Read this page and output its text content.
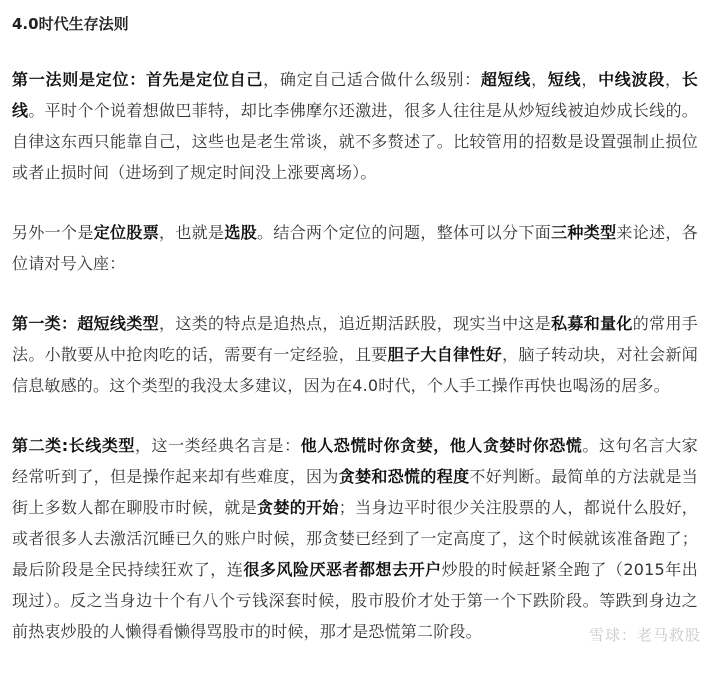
4.0时代生存法则

第一法则是定位：首先是定位自己，确定自己适合做什么级别：超短线，短线，中线波段，长线。平时个个说着想做巴菲特，却比李佛摩尔还激进，很多人往往是从炒短线被迫炒成长线的。自律这东西只能靠自己，这些也是老生常谈，就不多赘述了。比较管用的招数是设置强制止损位或者止损时间（进场到了规定时间没上涨要离场）。

另外一个是定位股票，也就是选股。结合两个定位的问题，整体可以分下面三种类型来论述，各位请对号入座：

第一类：超短线类型，这类的特点是追热点，追近期活跃股，现实当中这是私募和量化的常用手法。小散要从中抢肉吃的话，需要有一定经验，且要胆子大自律性好，脑子转动块，对社会新闻信息敏感的。这个类型的我没太多建议，因为在4.0时代，个人手工操作再快也喝汤的居多。

第二类:长线类型，这一类经典名言是：他人恐慌时你贪婪，他人贪婪时你恐慌。这句名言大家经常听到了，但是操作起来却有些难度，因为贪婪和恐慌的程度不好判断。最简单的方法就是当街上多数人都在聊股市时候，就是贪婪的开始；当身边平时很少关注股票的人，都说什么股好，或者很多人去激活沉睡已久的账户时候，那贪婪已经到了一定高度了，这个时候就该准备跑了；最后阶段是全民持续狂欢了，连很多风险厌恶者都想去开户炒股的时候赶紧全跑了（2015年出现过）。反之当身边十个有八个亏钱深套时候，股市股价才处于第一个下跌阶段。等跌到身边之前热衷炒股的人懒得看懒得骂股市的时候，那才是恐慌第二阶段。	雪球：老马救股
